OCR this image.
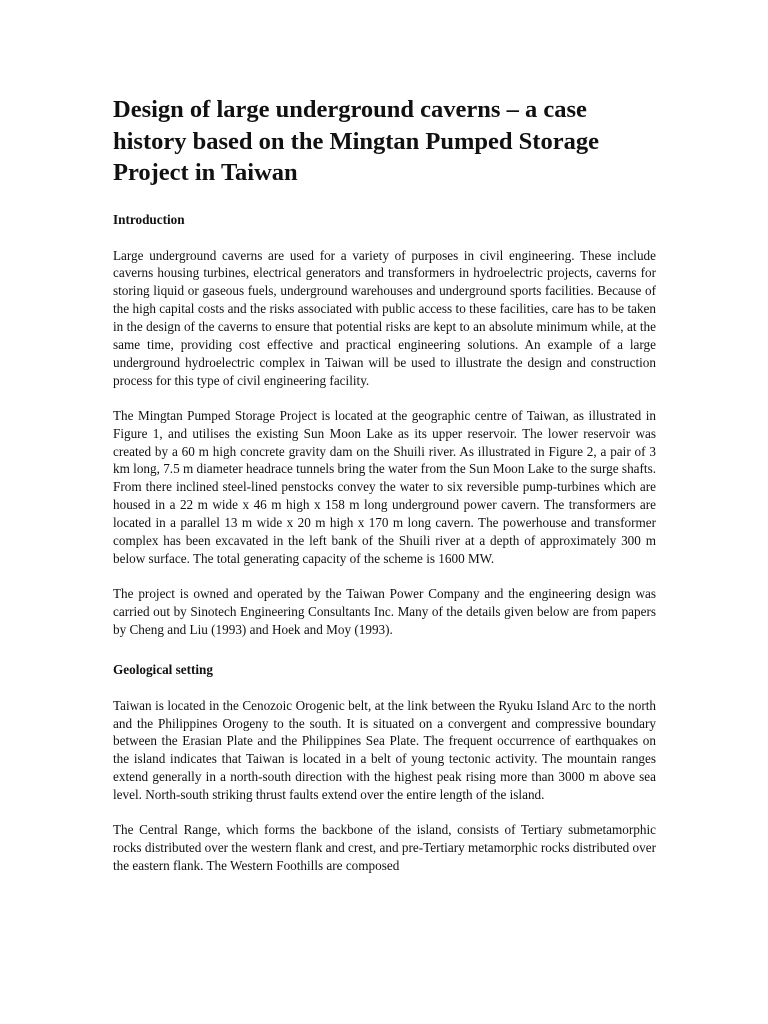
Design of large underground caverns – a case history based on the Mingtan Pumped Storage Project in Taiwan
Introduction

Large underground caverns are used for a variety of purposes in civil engineering. These include caverns housing turbines, electrical generators and transformers in hydroelectric projects, caverns for storing liquid or gaseous fuels, underground warehouses and underground sports facilities. Because of the high capital costs and the risks associated with public access to these facilities, care has to be taken in the design of the caverns to ensure that potential risks are kept to an absolute minimum while, at the same time, providing cost effective and practical engineering solutions. An example of a large underground hydroelectric complex in Taiwan will be used to illustrate the design and construction process for this type of civil engineering facility.

The Mingtan Pumped Storage Project is located at the geographic centre of Taiwan, as illustrated in Figure 1, and utilises the existing Sun Moon Lake as its upper reservoir. The lower reservoir was created by a 60 m high concrete gravity dam on the Shuili river. As illustrated in Figure 2, a pair of 3 km long, 7.5 m diameter headrace tunnels bring the water from the Sun Moon Lake to the surge shafts. From there inclined steel-lined penstocks convey the water to six reversible pump-turbines which are housed in a 22 m wide x 46 m high x 158 m long underground power cavern. The transformers are located in a parallel 13 m wide x 20 m high x 170 m long cavern. The powerhouse and transformer complex has been excavated in the left bank of the Shuili river at a depth of approximately 300 m below surface. The total generating capacity of the scheme is 1600 MW.

The project is owned and operated by the Taiwan Power Company and the engineering design was carried out by Sinotech Engineering Consultants Inc. Many of the details given below are from papers by Cheng and Liu (1993) and Hoek and Moy (1993).

Geological setting

Taiwan is located in the Cenozoic Orogenic belt, at the link between the Ryuku Island Arc to the north and the Philippines Orogeny to the south. It is situated on a convergent and compressive boundary between the Erasian Plate and the Philippines Sea Plate. The frequent occurrence of earthquakes on the island indicates that Taiwan is located in a belt of young tectonic activity. The mountain ranges extend generally in a north-south direction with the highest peak rising more than 3000 m above sea level. North-south striking thrust faults extend over the entire length of the island.

The Central Range, which forms the backbone of the island, consists of Tertiary submetamorphic rocks distributed over the western flank and crest, and pre-Tertiary metamorphic rocks distributed over the eastern flank. The Western Foothills are composed
